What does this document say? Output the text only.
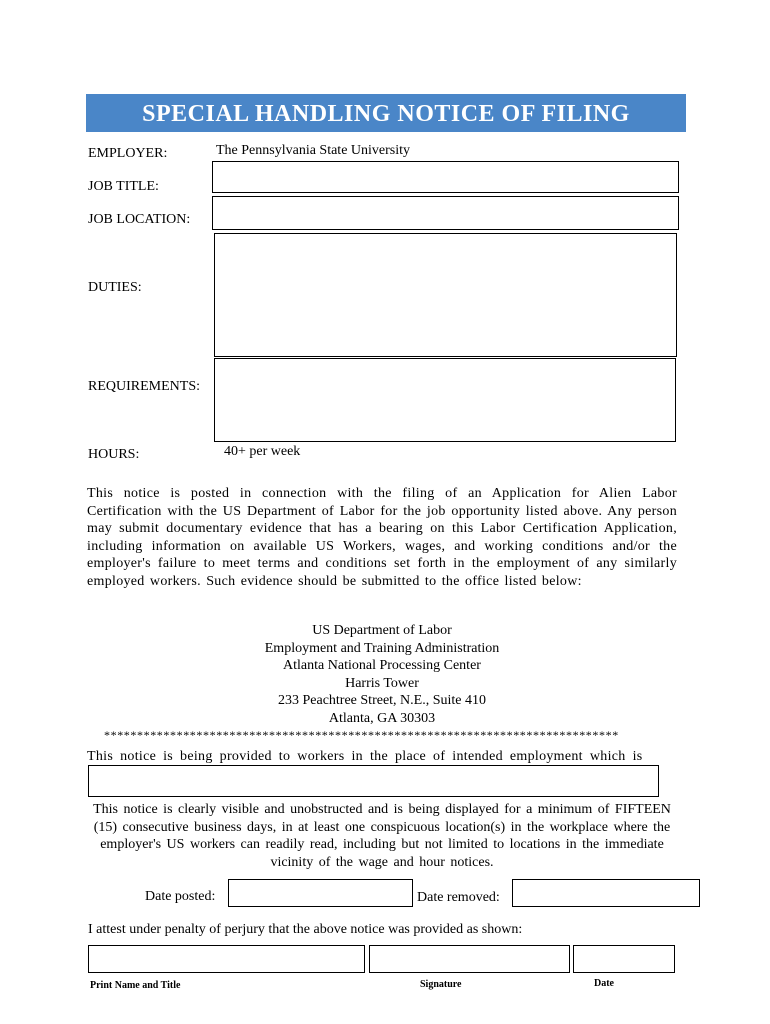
SPECIAL HANDLING NOTICE OF FILING
EMPLOYER:	The Pennsylvania State University
JOB TITLE:
JOB LOCATION:
DUTIES:
REQUIREMENTS:
HOURS:	40+ per week
This notice is posted in connection with the filing of an Application for Alien Labor Certification with the US Department of Labor for the job opportunity listed above. Any person may submit documentary evidence that has a bearing on this Labor Certification Application, including information on available US Workers, wages, and working conditions and/or the employer's failure to meet terms and conditions set forth in the employment of any similarly employed workers. Such evidence should be submitted to the office listed below:
US Department of Labor
Employment and Training Administration
Atlanta National Processing Center
Harris Tower
233 Peachtree Street, N.E., Suite 410
Atlanta, GA 30303
******************************************************************************
This notice is being provided to workers in the place of intended employment which is
This notice is clearly visible and unobstructed and is being displayed for a minimum of FIFTEEN (15) consecutive business days, in at least one conspicuous location(s) in the workplace where the employer's US workers can readily read, including but not limited to locations in the immediate vicinity of the wage and hour notices.
Date posted:	Date removed:
I attest under penalty of perjury that the above notice was provided as shown:
Print Name and Title	Signature	Date
